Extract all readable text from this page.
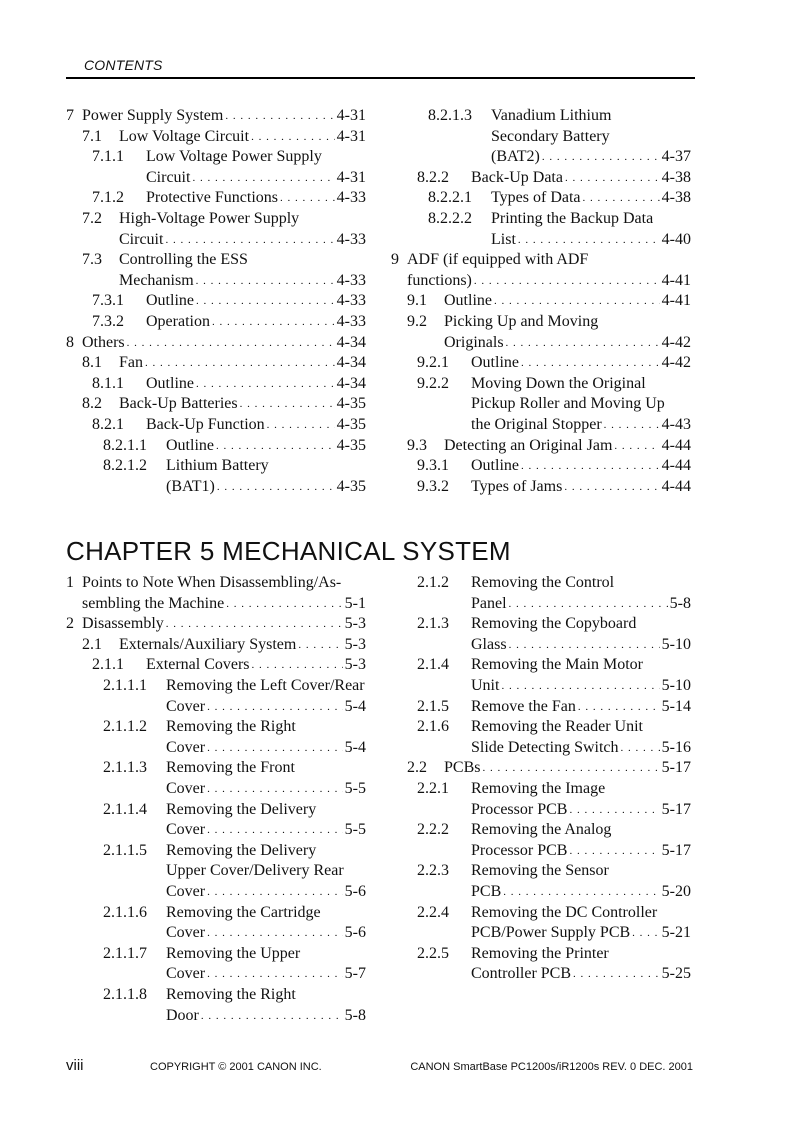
CONTENTS
7 Power Supply System . . .	4-31
7.1 Low Voltage Circuit . . .	4-31
7.1.1 Low Voltage Power Supply
Circuit . . .	4-31
7.1.2 Protective Functions . . .	4-33
7.2 High-Voltage Power Supply
Circuit . . .	4-33
7.3 Controlling the ESS
Mechanism . . .	4-33
7.3.1 Outline . . .	4-33
7.3.2 Operation . . .	4-33
8 Others . . .	4-34
8.1 Fan . . .	4-34
8.1.1 Outline . . .	4-34
8.2 Back-Up Batteries . . .	4-35
8.2.1 Back-Up Function . . .	4-35
8.2.1.1 Outline . . .	4-35
8.2.1.2 Lithium Battery
(BAT1) . . .	4-35
8.2.1.3 Vanadium Lithium
Secondary Battery
(BAT2) . . .	4-37
8.2.2 Back-Up Data . . .	4-38
8.2.2.1 Types of Data . . .	4-38
8.2.2.2 Printing the Backup Data
List . . .	4-40
9 ADF (if equipped with ADF
functions) . . .	4-41
9.1 Outline . . .	4-41
9.2 Picking Up and Moving
Originals . . .	4-42
9.2.1 Outline . . .	4-42
9.2.2 Moving Down the Original
Pickup Roller and Moving Up
the Original Stopper . . .	4-43
9.3 Detecting an Original Jam . . .	4-44
9.3.1 Outline . . .	4-44
9.3.2 Types of Jams . . .	4-44
CHAPTER 5 MECHANICAL SYSTEM
1 Points to Note When Disassembling/As-
sembling the Machine . . .	5-1
2 Disassembly . . .	5-3
2.1 Externals/Auxiliary System . . .	5-3
2.1.1 External Covers . . .	5-3
2.1.1.1 Removing the Left Cover/Rear
Cover . . .	5-4
2.1.1.2 Removing the Right
Cover . . .	5-4
2.1.1.3 Removing the Front
Cover . . .	5-5
2.1.1.4 Removing the Delivery
Cover . . .	5-5
2.1.1.5 Removing the Delivery
Upper Cover/Delivery Rear
Cover . . .	5-6
2.1.1.6 Removing the Cartridge
Cover . . .	5-6
2.1.1.7 Removing the Upper
Cover . . .	5-7
2.1.1.8 Removing the Right
Door . . .	5-8
2.1.2 Removing the Control
Panel . . .	5-8
2.1.3 Removing the Copyboard
Glass . . .	5-10
2.1.4 Removing the Main Motor
Unit . . .	5-10
2.1.5 Remove the Fan . . .	5-14
2.1.6 Removing the Reader Unit
Slide Detecting Switch . . .	5-16
2.2 PCBs . . .	5-17
2.2.1 Removing the Image
Processor PCB . . .	5-17
2.2.2 Removing the Analog
Processor PCB . . .	5-17
2.2.3 Removing the Sensor
PCB . . .	5-20
2.2.4 Removing the DC Controller
PCB/Power Supply PCB . . . 5-21
2.2.5 Removing the Printer
Controller PCB . . .	5-25
viii	COPYRIGHT © 2001 CANON INC.	CANON SmartBase PC1200s/iR1200s REV. 0 DEC. 2001
